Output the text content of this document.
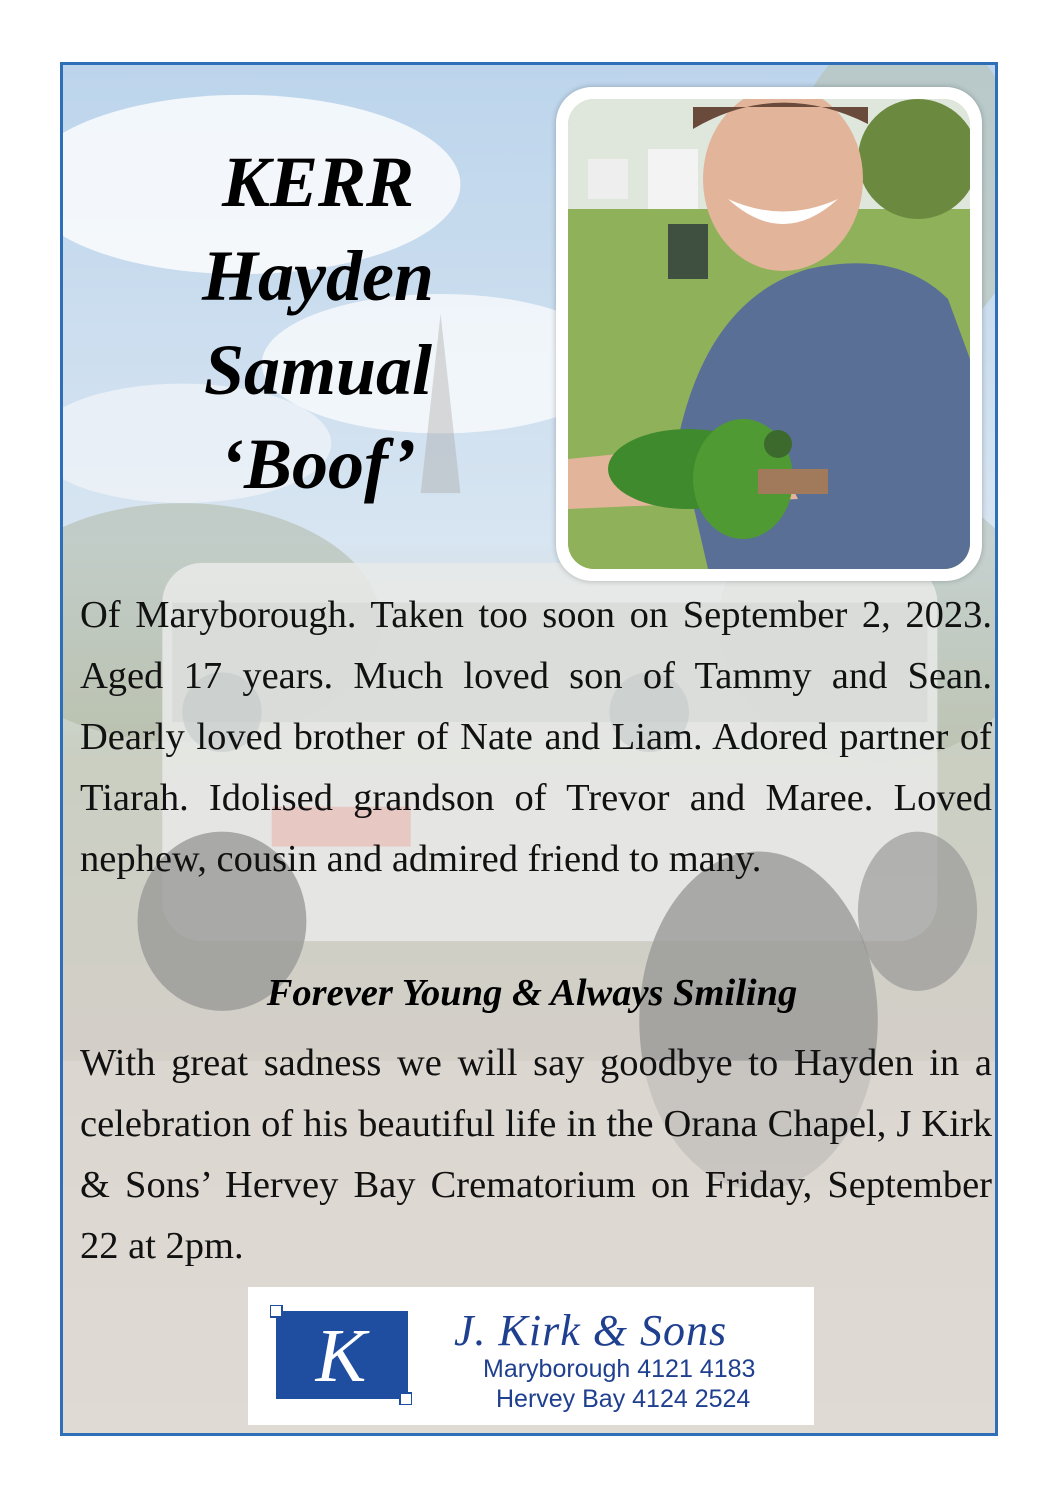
KERR
Hayden
Samual
‘Boof’
Of Maryborough. Taken too soon on September 2, 2023. Aged 17 years. Much loved son of Tammy and Sean. Dearly loved brother of Nate and Liam. Adored partner of Tiarah. Idolised grandson of Trevor and Maree. Loved nephew, cousin and admired friend to many.
Forever Young & Always Smiling
With great sadness we will say goodbye to Hayden in a celebration of his beautiful life in the Orana Chapel, J Kirk & Sons’ Hervey Bay Crematorium on Friday, September 22 at 2pm.
K J. Kirk & Sons
Maryborough 4121 4183
Hervey Bay 4124 2524
